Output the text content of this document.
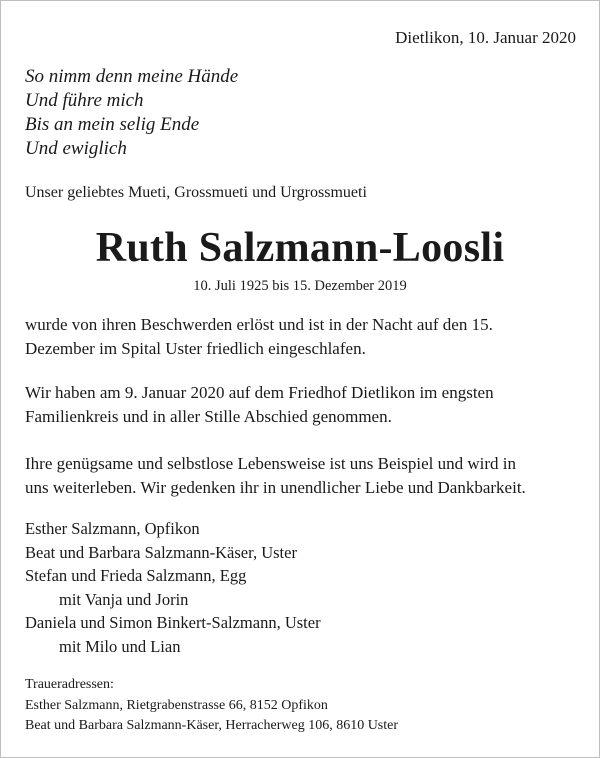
Dietlikon, 10. Januar 2020
So nimm denn meine Hände
Und führe mich
Bis an mein selig Ende
Und ewiglich
Unser geliebtes Mueti, Grossmueti und Urgrossmueti
Ruth Salzmann-Loosli
10. Juli 1925 bis 15. Dezember 2019
wurde von ihren Beschwerden erlöst und ist in der Nacht auf den 15.
Dezember im Spital Uster friedlich eingeschlafen.
Wir haben am 9. Januar 2020 auf dem Friedhof Dietlikon im engsten
Familienkreis und in aller Stille Abschied genommen.
Ihre genügsame und selbstlose Lebensweise ist uns Beispiel und wird in
uns weiterleben. Wir gedenken ihr in unendlicher Liebe und Dankbarkeit.
Esther Salzmann, Opfikon
Beat und Barbara Salzmann-Käser, Uster
Stefan und Frieda Salzmann, Egg
mit Vanja und Jorin
Daniela und Simon Binkert-Salzmann, Uster
mit Milo und Lian
Traueradressen:
Esther Salzmann, Rietgrabenstrasse 66, 8152 Opfikon
Beat und Barbara Salzmann-Käser, Herracherweg 106, 8610 Uster
